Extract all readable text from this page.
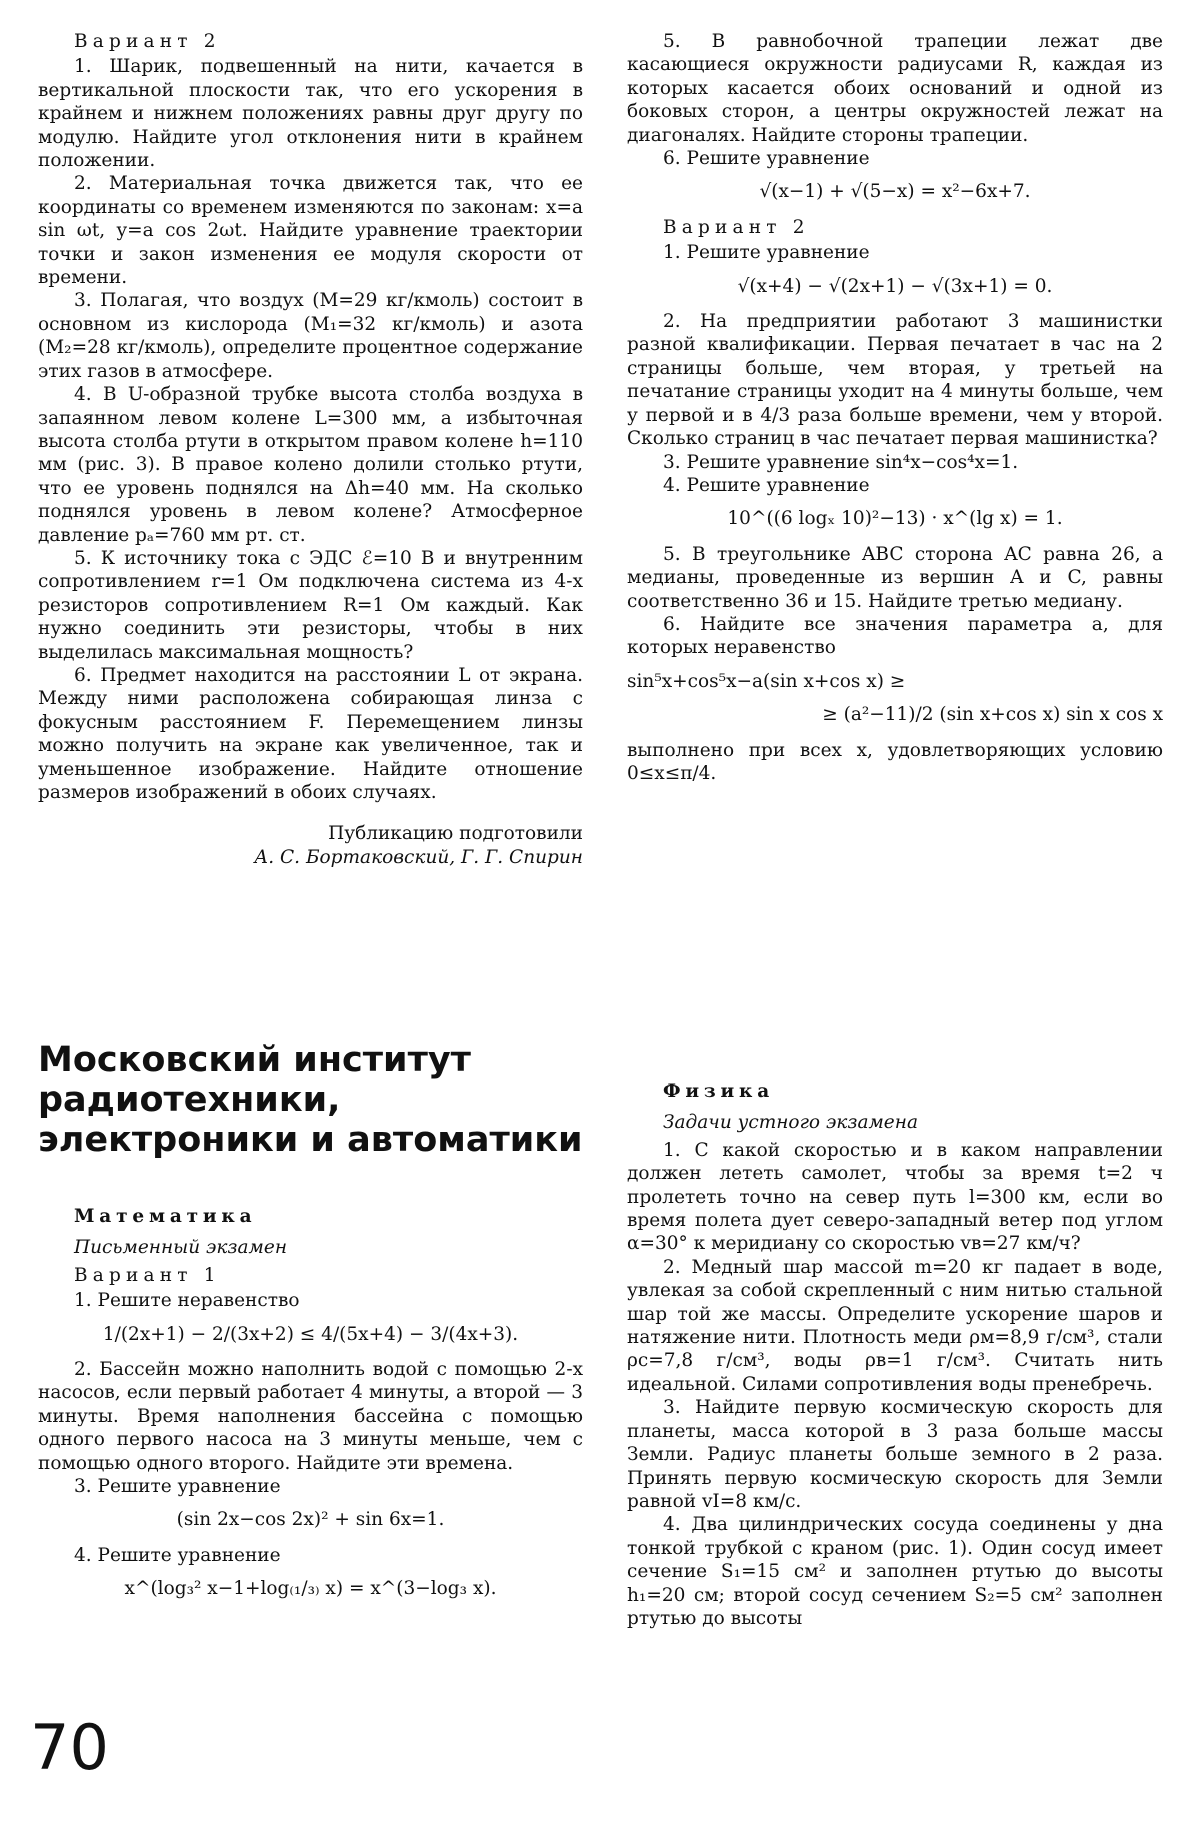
Вариант 2

1. Шарик, подвешенный на нити, качается в вертикальной плоскости так, что его ускорения в крайнем и нижнем положениях равны друг другу по модулю. Найдите угол отклонения нити в крайнем положении.

2. Материальная точка движется так, что ее координаты со временем изменяются по законам: x=a sin ωt, y=a cos 2ωt. Найдите уравнение траектории точки и закон изменения ее модуля скорости от времени.

3. Полагая, что воздух (M=29 кг/кмоль) состоит в основном из кислорода (M₁=32 кг/кмоль) и азота (M₂=28 кг/кмоль), определите процентное содержание этих газов в атмосфере.

4. В U-образной трубке высота столба воздуха в запаянном левом колене L=300 мм, а избыточная высота столба ртути в открытом правом колене h=110 мм (рис. 3). В правое колено долили столько ртути, что ее уровень поднялся на Δh=40 мм. На сколько поднялся уровень в левом колене? Атмосферное давление pₐ=760 мм рт. ст.

5. К источнику тока с ЭДС ℰ=10 В и внутренним сопротивлением r=1 Ом подключена система из 4-х резисторов сопротивлением R=1 Ом каждый. Как нужно соединить эти резисторы, чтобы в них выделилась максимальная мощность?

6. Предмет находится на расстоянии L от экрана. Между ними расположена собирающая линза с фокусным расстоянием F. Перемещением линзы можно получить на экране как увеличенное, так и уменьшенное изображение. Найдите отношение размеров изображений в обоих случаях.

Публикацию подготовили
А. С. Бортаковский, Г. Г. Спирин

5. В равнобочной трапеции лежат две касающиеся окружности радиусами R, каждая из которых касается обоих оснований и одной из боковых сторон, а центры окружностей лежат на диагоналях. Найдите стороны трапеции.

6. Решите уравнение

√(x−1) + √(5−x) = x²−6x+7.
Вариант 2

1. Решите уравнение

√(x+4) − √(2x+1) − √(3x+1) = 0.

2. На предприятии работают 3 машинистки разной квалификации. Первая печатает в час на 2 страницы больше, чем вторая, у третьей на печатание страницы уходит на 4 минуты больше, чем у первой и в 4/3 раза больше времени, чем у второй. Сколько страниц в час печатает первая машинистка?

3. Решите уравнение sin⁴x−cos⁴x=1.

4. Решите уравнение

10^((6 logₓ 10)²−13) · x^(lg x) = 1.

5. В треугольнике ABC сторона AC равна 26, а медианы, проведенные из вершин A и C, равны соответственно 36 и 15. Найдите третью медиану.

6. Найдите все значения параметра a, для которых неравенство

sin⁵x+cos⁵x−a(sin x+cos x) ≥
≥ (a²−11)/2 (sin x+cos x) sin x cos x

выполнено при всех x, удовлетворяющих условию 0≤x≤π/4.

Московский институт радиотехники, электроники и автоматики
Математика
Письменный экзамен
Вариант 1

1. Решите неравенство

1/(2x+1) − 2/(3x+2) ≤ 4/(5x+4) − 3/(4x+3).

2. Бассейн можно наполнить водой с помощью 2-х насосов, если первый работает 4 минуты, а второй — 3 минуты. Время наполнения бассейна с помощью одного первого насоса на 3 минуты меньше, чем с помощью одного второго. Найдите эти времена.

3. Решите уравнение

(sin 2x−cos 2x)² + sin 6x=1.

4. Решите уравнение

x^(log₃² x−1+log₍₁/₃₎ x) = x^(3−log₃ x).
Физика
Задачи устного экзамена

1. С какой скоростью и в каком направлении должен лететь самолет, чтобы за время t=2 ч пролететь точно на север путь l=300 км, если во время полета дует северо-западный ветер под углом α=30° к меридиану со скоростью vв=27 км/ч?

2. Медный шар массой m=20 кг падает в воде, увлекая за собой скрепленный с ним нитью стальной шар той же массы. Определите ускорение шаров и натяжение нити. Плотность меди ρм=8,9 г/см³, стали ρс=7,8 г/см³, воды ρв=1 г/см³. Считать нить идеальной. Силами сопротивления воды пренебречь.

3. Найдите первую космическую скорость для планеты, масса которой в 3 раза больше массы Земли. Радиус планеты больше земного в 2 раза. Принять первую космическую скорость для Земли равной vI=8 км/с.

4. Два цилиндрических сосуда соединены у дна тонкой трубкой с краном (рис. 1). Один сосуд имеет сечение S₁=15 см² и заполнен ртутью до высоты h₁=20 см; второй сосуд сечением S₂=5 см² заполнен ртутью до высоты

70
